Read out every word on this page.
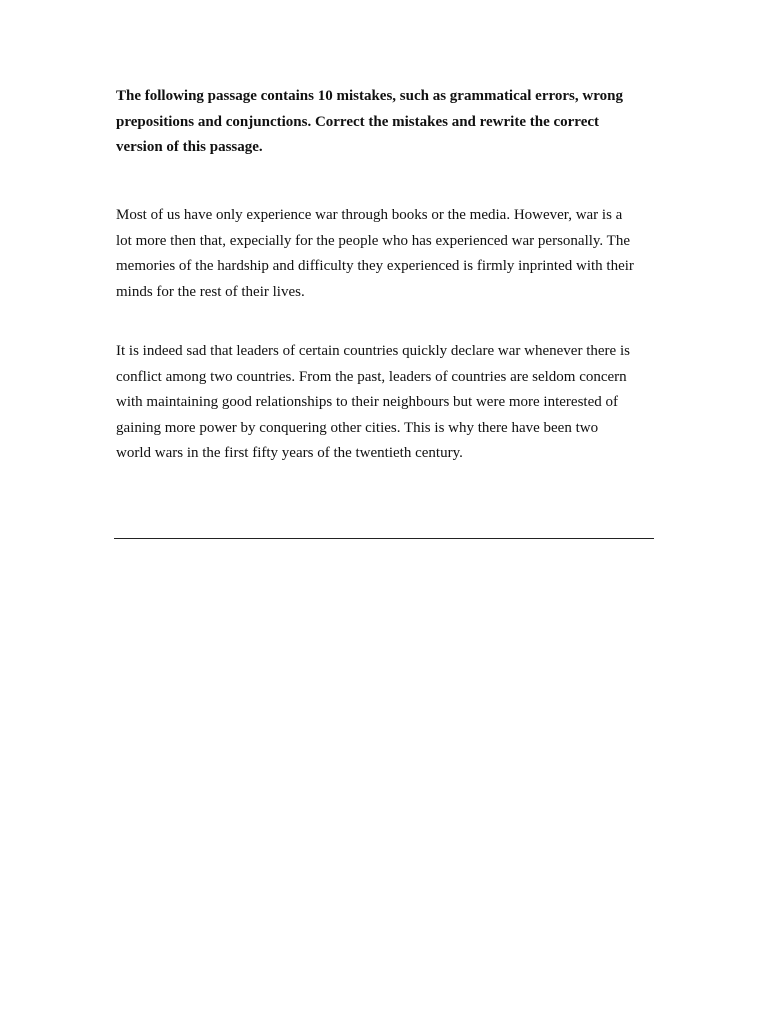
The following passage contains 10 mistakes, such as grammatical errors, wrong
prepositions and conjunctions. Correct the mistakes and rewrite the correct
version of this passage.

Most of us have only experience war through books or the media. However, war is a
lot more then that, expecially for the people who has experienced war personally. The
memories of the hardship and difficulty they experienced is firmly inprinted with their
minds for the rest of their lives.

It is indeed sad that leaders of certain countries quickly declare war whenever there is
conflict among two countries. From the past, leaders of countries are seldom concern
with maintaining good relationships to their neighbours but were more interested of
gaining more power by conquering other cities. This is why there have been two
world wars in the first fifty years of the twentieth century.
